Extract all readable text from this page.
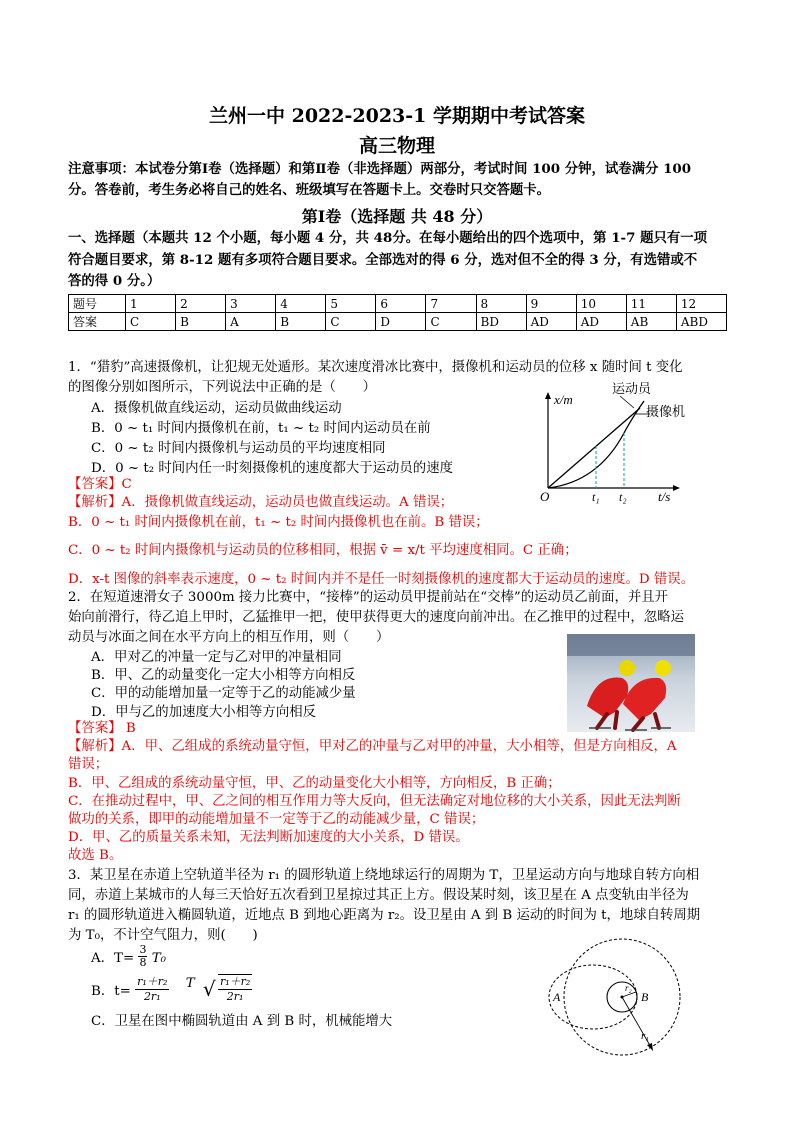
兰州一中 2022-2023-1 学期期中考试答案
高三物理
注意事项：本试卷分第Ⅰ卷（选择题）和第Ⅱ卷（非选择题）两部分，考试时间 100 分钟，试卷满分 100
分。答卷前，考生务必将自己的姓名、班级填写在答题卡上。交卷时只交答题卡。
第Ⅰ卷（选择题 共 48 分）
一、选择题（本题共 12 个小题，每小题 4 分，共 48分。在每小题给出的四个选项中，第 1-7 题只有一项
符合题目要求，第 8-12 题有多项符合题目要求。全部选对的得 6 分，选对但不全的得 3 分，有选错或不
答的得 0 分。）
题号	1	2	3	4	5	6	7	8	9	10	11	12
答案	C	B	A	B	C	D	C	BD	AD	AD	AB	ABD
1．“猎豹”高速摄像机，让犯规无处遁形。某次速度滑冰比赛中，摄像机和运动员的位移 x 随时间 t 变化
的图像分别如图所示，下列说法中正确的是（　　）
A．摄像机做直线运动，运动员做曲线运动
B．0 ~ t₁ 时间内摄像机在前，t₁ ~ t₂ 时间内运动员在前
C．0 ~ t₂ 时间内摄像机与运动员的平均速度相同
D．0 ~ t₂ 时间内任一时刻摄像机的速度都大于运动员的速度
【答案】C
【解析】A．摄像机做直线运动，运动员也做直线运动。A 错误；
B．0 ~ t₁ 时间内摄像机在前，t₁ ~ t₂ 时间内摄像机也在前。B 错误；
C．0 ~ t₂ 时间内摄像机与运动员的位移相同，根据 v̄ = x/t 平均速度相同。C 正确；
D．x-t 图像的斜率表示速度，0 ~ t₂ 时间内并不是任一时刻摄像机的速度都大于运动员的速度。D 错误。
x/m
t/s
O	t₁ t₂
运动员
摄像机
2．在短道速滑女子 3000m 接力比赛中，“接棒”的运动员甲提前站在“交棒”的运动员乙前面，并且开
始向前滑行，待乙追上甲时，乙猛推甲一把，使甲获得更大的速度向前冲出。在乙推甲的过程中，忽略运
动员与冰面之间在水平方向上的相互作用，则（　　）
A．甲对乙的冲量一定与乙对甲的冲量相同
B．甲、乙的动量变化一定大小相等方向相反
C．甲的动能增加量一定等于乙的动能减少量
D．甲与乙的加速度大小相等方向相反
【答案】 B
【解析】A．甲、乙组成的系统动量守恒，甲对乙的冲量与乙对甲的冲量，大小相等，但是方向相反，A
错误；
B．甲、乙组成的系统动量守恒，甲、乙的动量变化大小相等，方向相反，B 正确；
C．在推动过程中，甲、乙之间的相互作用力等大反向，但无法确定对地位移的大小关系，因此无法判断
做功的关系，即甲的动能增加量不一定等于乙的动能减少量，C 错误；
D．甲、乙的质量关系未知，无法判断加速度的大小关系，D 错误。
故选 B。
3．某卫星在赤道上空轨道半径为 r₁ 的圆形轨道上绕地球运行的周期为 T，卫星运动方向与地球自转方向相
同，赤道上某城市的人每三天恰好五次看到卫星掠过其正上方。假设某时刻，该卫星在 A 点变轨由半径为
r₁ 的圆形轨道进入椭圆轨道，近地点 B 到地心距离为 r₂。设卫星由 A 到 B 运动的时间为 t，地球自转周期
为 T₀，不计空气阻力，则(　　)
A．$T= \frac{3}{8} T_0$
B．$t= \frac{\text{r₁＋r₂}}{\text{2r₁}}$ T √ $\frac{\text{r₁＋r₂}}{\text{2r₁}}$
C．卫星在图中椭圆轨道由 A 到 B 时，机械能增大
A	B
r₂
r₁
